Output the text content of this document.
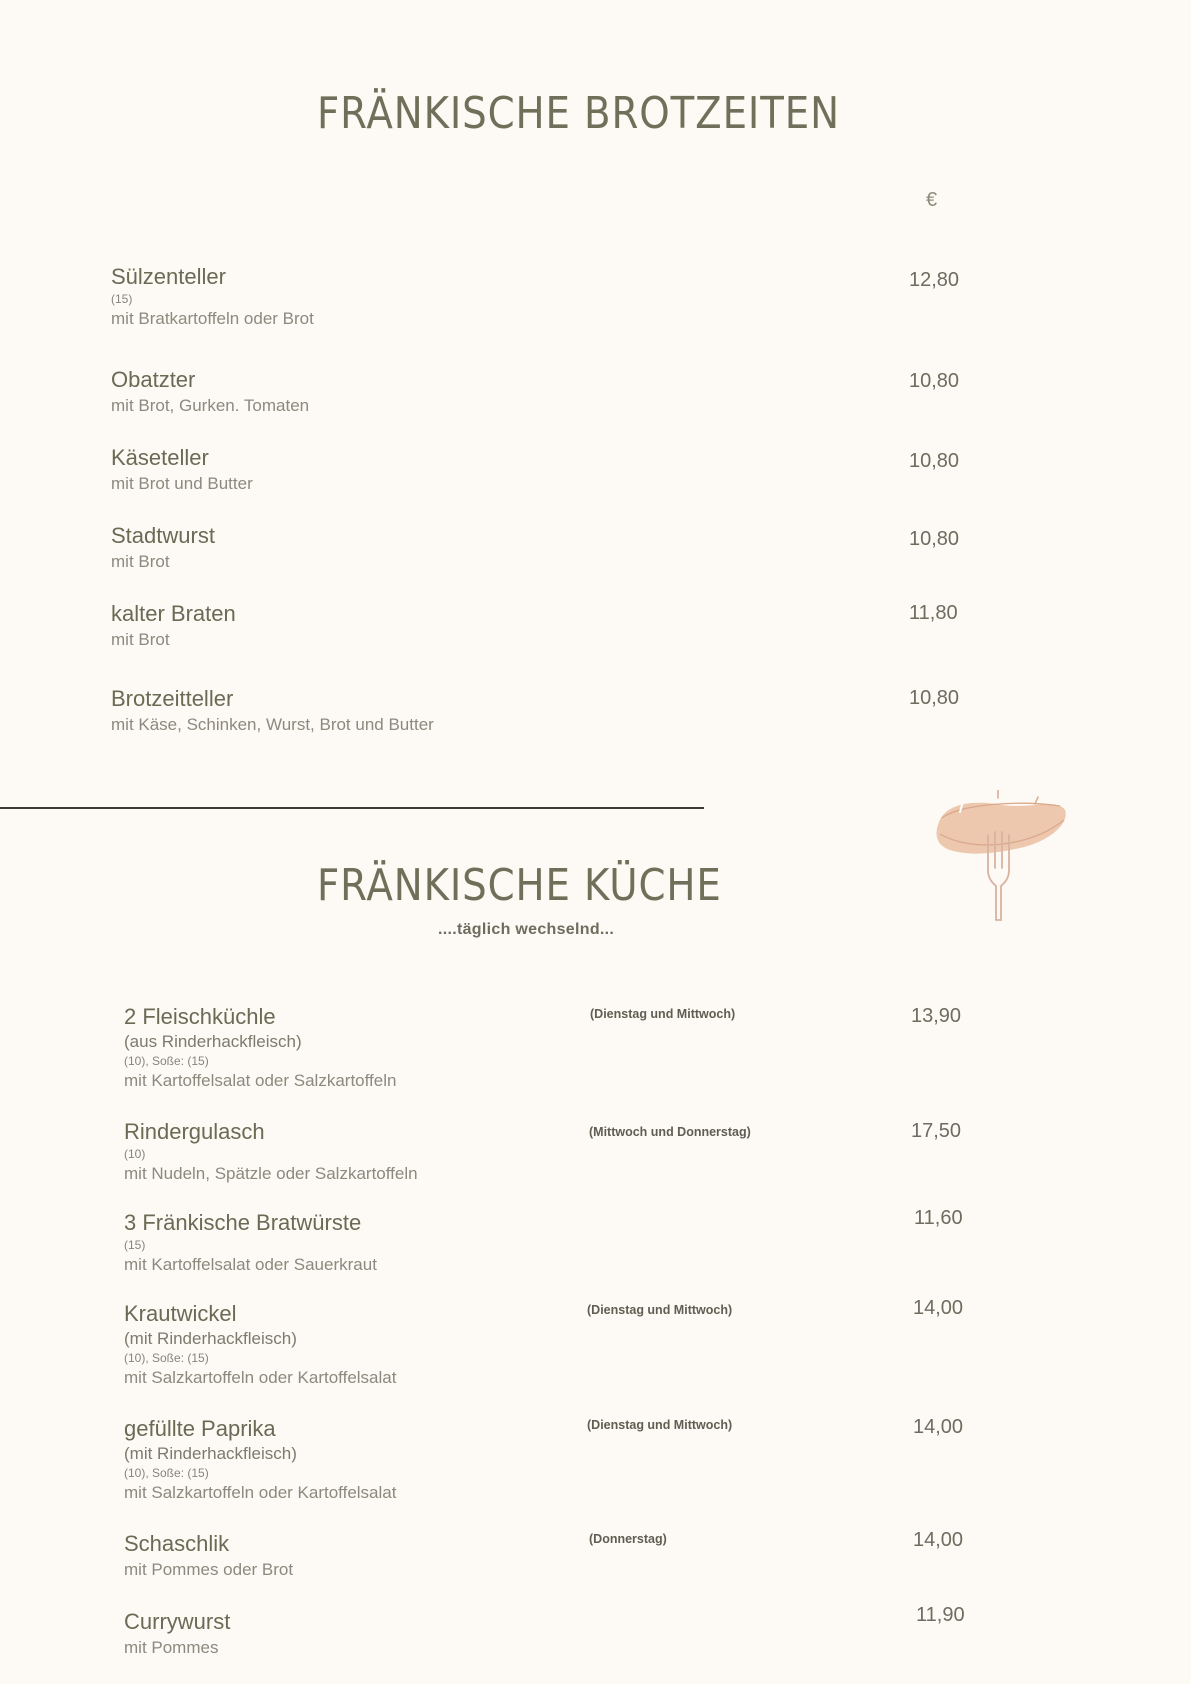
FRÄNKISCHE BROTZEITEN
€
Sülzenteller
(15)
mit Bratkartoffeln oder Brot
12,80
Obatzter
mit Brot, Gurken. Tomaten
10,80
Käseteller
mit Brot und Butter
10,80
Stadtwurst
mit Brot
10,80
kalter Braten
mit Brot
11,80
Brotzeitteller
mit Käse, Schinken, Wurst, Brot und Butter
10,80
FRÄNKISCHE KÜCHE
....täglich wechselnd...
2 Fleischküchle
(aus Rinderhackfleisch)
(10), Soße: (15)
mit Kartoffelsalat oder Salzkartoffeln
(Dienstag und Mittwoch)	13,90
Rindergulasch
(10)
mit Nudeln, Spätzle oder Salzkartoffeln
(Mittwoch und Donnerstag)	17,50
3 Fränkische Bratwürste
(15)
mit Kartoffelsalat oder Sauerkraut
11,60
Krautwickel
(mit Rinderhackfleisch)
(10), Soße: (15)
mit Salzkartoffeln oder Kartoffelsalat
(Dienstag und Mittwoch)	14,00
gefüllte Paprika
(mit Rinderhackfleisch)
(10), Soße: (15)
mit Salzkartoffeln oder Kartoffelsalat
(Dienstag und Mittwoch)	14,00
Schaschlik
mit Pommes oder Brot
(Donnerstag)	14,00
Currywurst
mit Pommes
11,90
